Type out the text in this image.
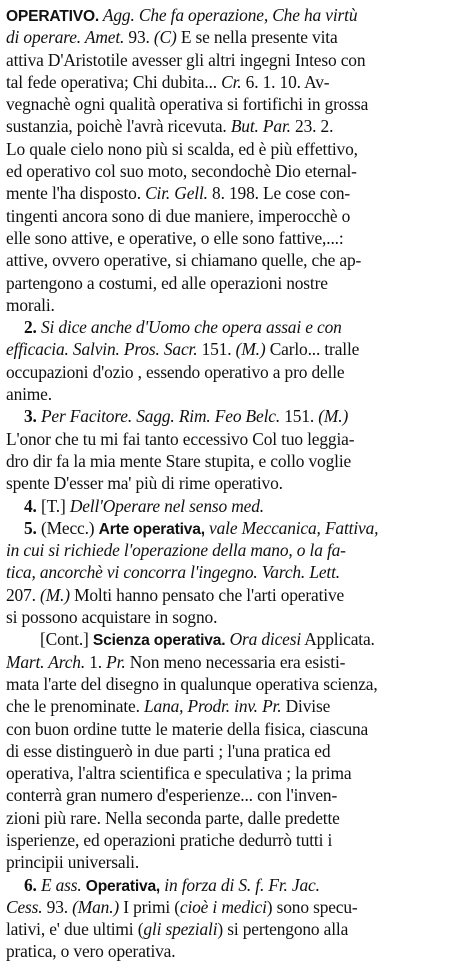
OPERATIVO. Agg. Che fa operazione, Che ha virtù
di operare. Amet. 93. (C) E se nella presente vita
attiva D'Aristotile avesser gli altri ingegni Inteso con
tal fede operativa; Chi dubita... Cr. 6. 1. 10. Av-
vegnachè ogni qualità operativa si fortifichi in grossa
sustanzia, poichè l'avrà ricevuta. But. Par. 23. 2.
Lo quale cielo nono più si scalda, ed è più effettivo,
ed operativo col suo moto, secondochè Dio eternal-
mente l'ha disposto. Cir. Gell. 8. 198. Le cose con-
tingenti ancora sono di due maniere, imperocchè o
elle sono attive, e operative, o elle sono fattive,...:
attive, ovvero operative, si chiamano quelle, che ap-
partengono a costumi, ed alle operazioni nostre
morali.
2. Si dice anche d'Uomo che opera assai e con
efficacia. Salvin. Pros. Sacr. 151. (M.) Carlo... tralle
occupazioni d'ozio , essendo operativo a pro delle
anime.
3. Per Facitore. Sagg. Rim. Feo Belc. 151. (M.)
L'onor che tu mi fai tanto eccessivo Col tuo leggia-
dro dir fa la mia mente Stare stupita, e collo voglie
spente D'esser ma' più di rime operativo.
4. [T.] Dell'Operare nel senso med.
5. (Mecc.) Arte operativa, vale Meccanica, Fattiva,
in cui si richiede l'operazione della mano, o la fa-
tica, ancorchè vi concorra l'ingegno. Varch. Lett.
207. (M.) Molti hanno pensato che l'arti operative
si possono acquistare in sogno.
[Cont.] Scienza operativa. Ora dicesi Applicata.
Mart. Arch. 1. Pr. Non meno necessaria era esisti-
mata l'arte del disegno in qualunque operativa scienza,
che le prenominate. Lana, Prodr. inv. Pr. Divise
con buon ordine tutte le materie della fisica, ciascuna
di esse distinguerò in due parti ; l'una pratica ed
operativa, l'altra scientifica e speculativa ; la prima
conterrà gran numero d'esperienze... con l'inven-
zioni più rare. Nella seconda parte, dalle predette
isperienze, ed operazioni pratiche dedurrò tutti i
principii universali.
6. E ass. Operativa, in forza di S. f. Fr. Jac.
Cess. 93. (Man.) I primi (cioè i medici) sono specu-
lativi, e' due ultimi (gli speziali) si pertengono alla
pratica, o vero operativa.
